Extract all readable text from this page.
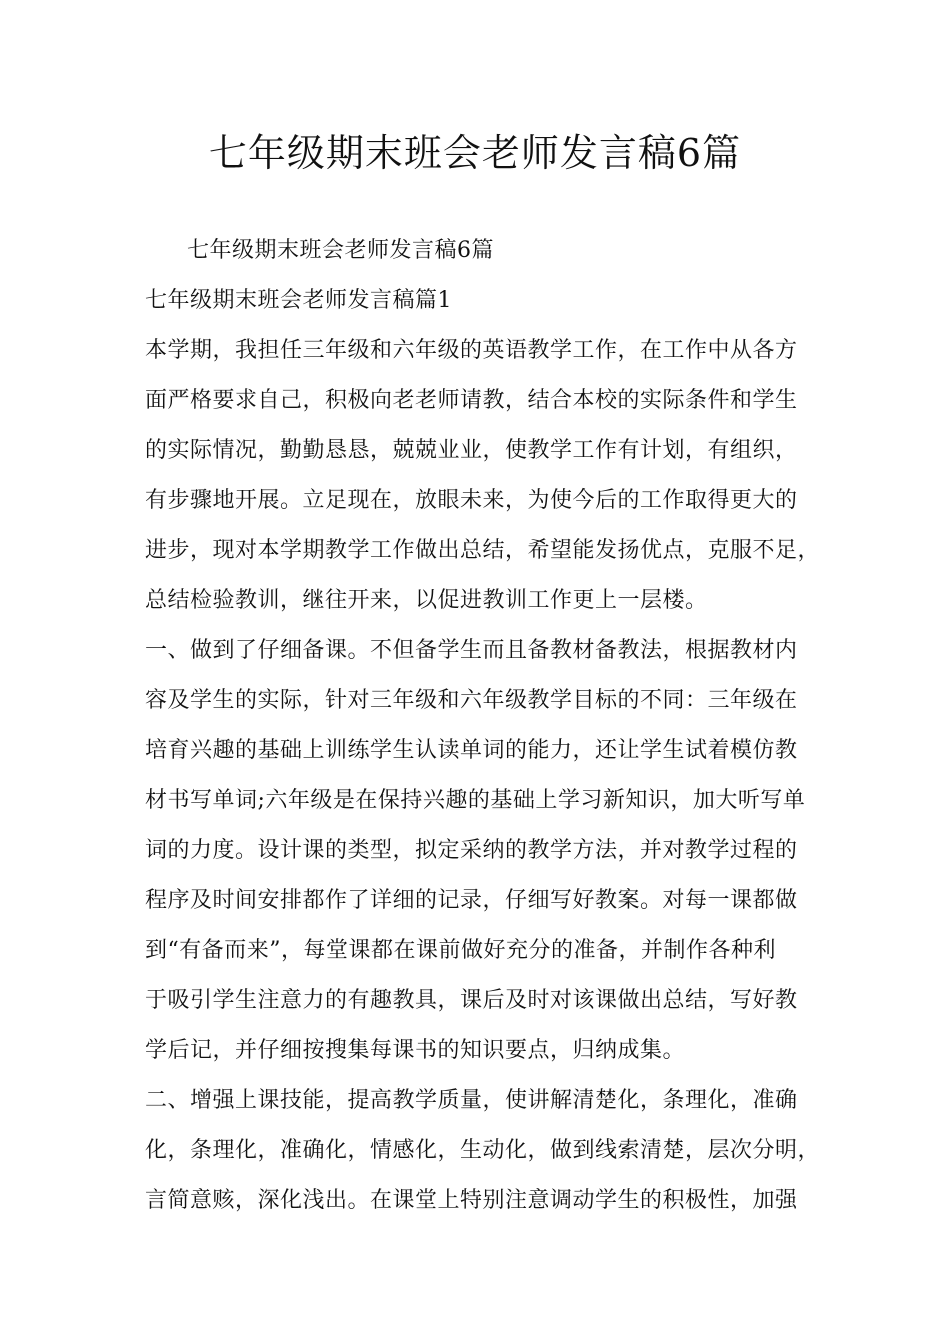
七年级期末班会老师发言稿6篇
七年级期末班会老师发言稿6篇
七年级期末班会老师发言稿篇1
本学期，我担任三年级和六年级的英语教学工作，在工作中从各方
面严格要求自己，积极向老老师请教，结合本校的实际条件和学生
的实际情况，勤勤恳恳，兢兢业业，使教学工作有计划，有组织，
有步骤地开展。立足现在，放眼未来，为使今后的工作取得更大的
进步，现对本学期教学工作做出总结，希望能发扬优点，克服不足，
总结检验教训，继往开来，以促进教训工作更上一层楼。
一、做到了仔细备课。不但备学生而且备教材备教法，根据教材内
容及学生的实际，针对三年级和六年级教学目标的不同：三年级在
培育兴趣的基础上训练学生认读单词的能力，还让学生试着模仿教
材书写单词;六年级是在保持兴趣的基础上学习新知识，加大听写单
词的力度。设计课的类型，拟定采纳的教学方法，并对教学过程的
程序及时间安排都作了详细的记录，仔细写好教案。对每一课都做
到“有备而来”，每堂课都在课前做好充分的准备，并制作各种利
于吸引学生注意力的有趣教具，课后及时对该课做出总结，写好教
学后记，并仔细按搜集每课书的知识要点，归纳成集。
二、增强上课技能，提高教学质量，使讲解清楚化，条理化，准确
化，条理化，准确化，情感化，生动化，做到线索清楚，层次分明，
言简意赅，深化浅出。在课堂上特别注意调动学生的积极性，加强
